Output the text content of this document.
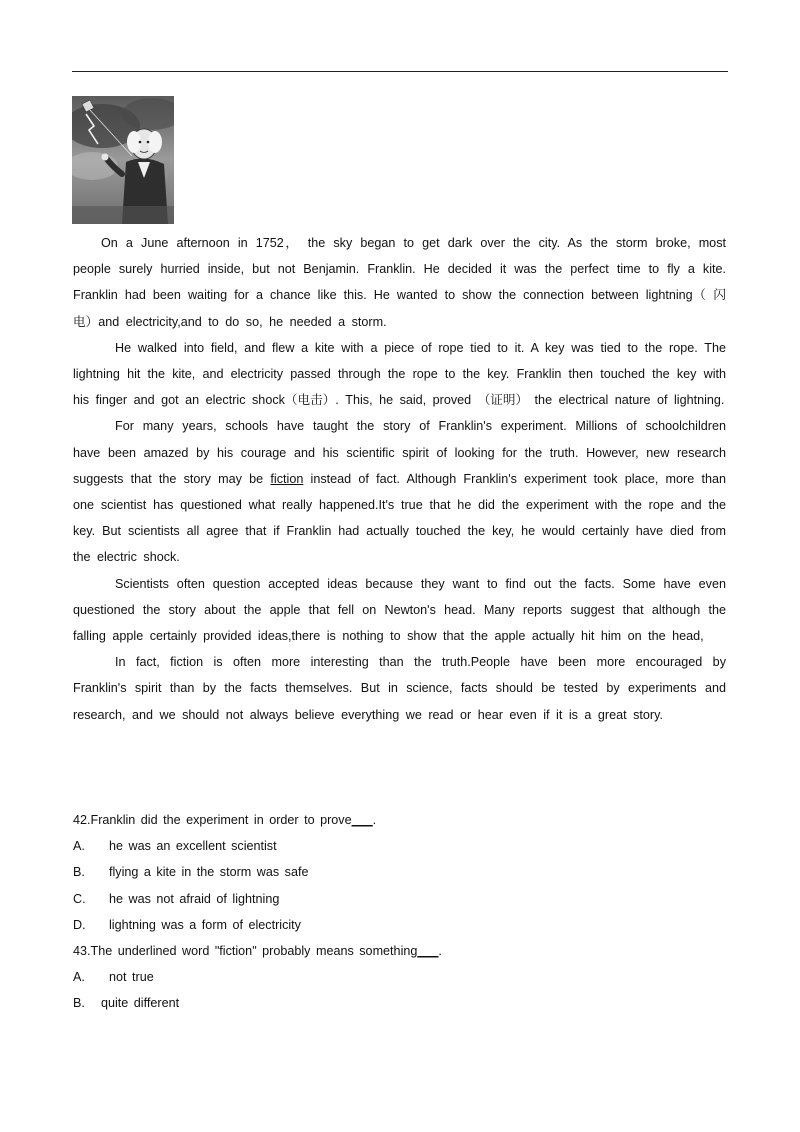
On a June afternoon in 1752， the sky began to get dark over the city. As the storm broke, most people surely hurried inside, but not Benjamin. Franklin. He decided it was the perfect time to fly a kite. Franklin had been waiting for a chance like this. He wanted to show the connection between lightning（ 闪电）and electricity,and to do so, he needed a storm.

He walked into field, and flew a kite with a piece of rope tied to it. A key was tied to the rope. The lightning hit the kite, and electricity passed through the rope to the key. Franklin then touched the key with his finger and got an electric shock（电击）. This, he said, proved （证明） the electrical nature of lightning.

For many years, schools have taught the story of Franklin's experiment. Millions of schoolchildren have been amazed by his courage and his scientific spirit of looking for the truth. However, new research suggests that the story may be fiction instead of fact. Although Franklin's experiment took place, more than one scientist has questioned what really happened.It's true that he did the experiment with the rope and the key. But scientists all agree that if Franklin had actually touched the key, he would certainly have died from the electric shock.

Scientists often question accepted ideas because they want to find out the facts. Some have even questioned the story about the apple that fell on Newton's head. Many reports suggest that although the falling apple certainly provided ideas,there is nothing to show that the apple actually hit him on the head,

In fact, fiction is often more interesting than the truth.People have been more encouraged by Franklin's spirit than by the facts themselves. But in science, facts should be tested by experiments and research, and we should not always believe everything we read or hear even if it is a great story.

42.Franklin did the experiment in order to prove___.

A.	he was an excellent scientist
B.	flying a kite in the storm was safe
C.	he was not afraid of lightning
D.	lightning was a form of electricity

43.The underlined word "fiction" probably means something___.

A.	not true
B.	quite different
